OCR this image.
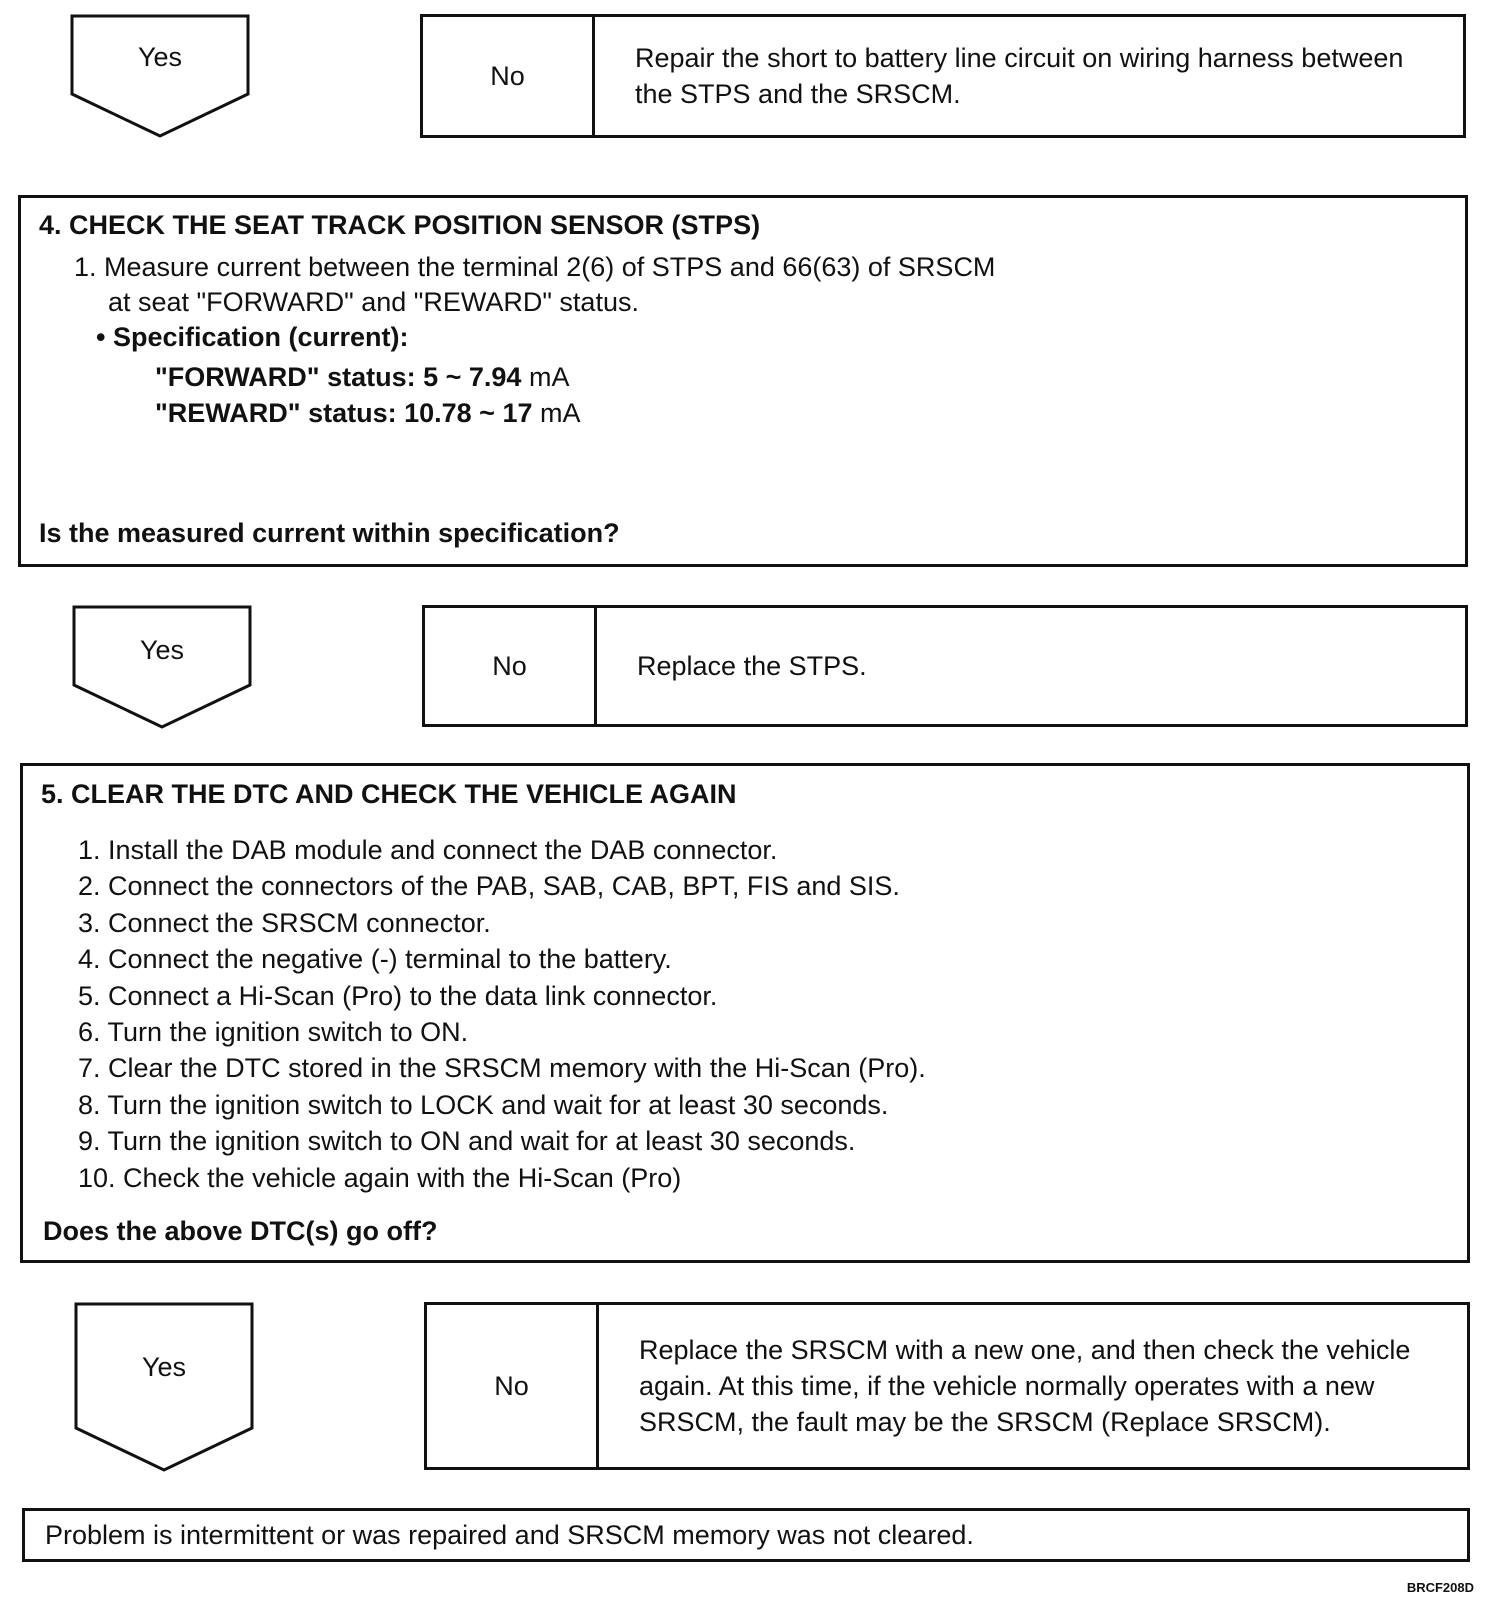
Yes
No
Repair the short to battery line circuit on wiring harness between the STPS and the SRSCM.
4. CHECK THE SEAT TRACK POSITION SENSOR (STPS)
1. Measure current between the terminal 2(6) of STPS and 66(63) of SRSCM
at seat "FORWARD" and "REWARD" status.
• Specification (current):
"FORWARD" status: 5 ~ 7.94 mA
"REWARD" status: 10.78 ~ 17 mA
Is the measured current within specification?
Yes
No	Replace the STPS.
5. CLEAR THE DTC AND CHECK THE VEHICLE AGAIN
1. Install the DAB module and connect the DAB connector.
2. Connect the connectors of the PAB, SAB, CAB, BPT, FIS and SIS.
3. Connect the SRSCM connector.
4. Connect the negative (-) terminal to the battery.
5. Connect a Hi-Scan (Pro) to the data link connector.
6. Turn the ignition switch to ON.
7. Clear the DTC stored in the SRSCM memory with the Hi-Scan (Pro).
8. Turn the ignition switch to LOCK and wait for at least 30 seconds.
9. Turn the ignition switch to ON and wait for at least 30 seconds.
10. Check the vehicle again with the Hi-Scan (Pro)
Does the above DTC(s) go off?
Yes
No
Replace the SRSCM with a new one, and then check the vehicle again. At this time, if the vehicle normally operates with a new SRSCM, the fault may be the SRSCM (Replace SRSCM).
Problem is intermittent or was repaired and SRSCM memory was not cleared.
BRCF208D
